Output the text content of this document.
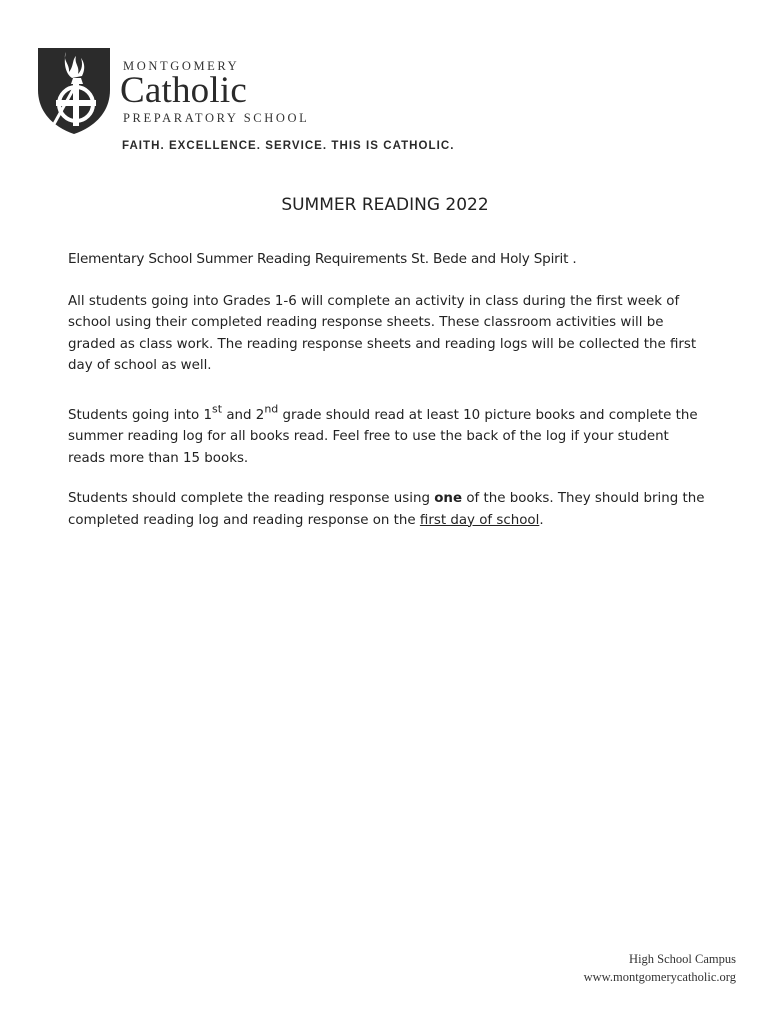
MONTGOMERY
Catholic
PREPARATORY SCHOOL
FAITH. EXCELLENCE. SERVICE. THIS IS CATHOLIC.
SUMMER READING 2022

Elementary School Summer Reading Requirements St. Bede and Holy Spirit .

All students going into Grades 1-6 will complete an activity in class during the first week of school using their completed reading response sheets. These classroom activities will be graded as class work. The reading response sheets and reading logs will be collected the first day of school as well.

Students going into 1st and 2nd grade should read at least 10 picture books and complete the summer reading log for all books read. Feel free to use the back of the log if your student reads more than 15 books.

Students should complete the reading response using one of the books. They should bring the completed reading log and reading response on the first day of school.

High School Campus
www.montgomerycatholic.org
